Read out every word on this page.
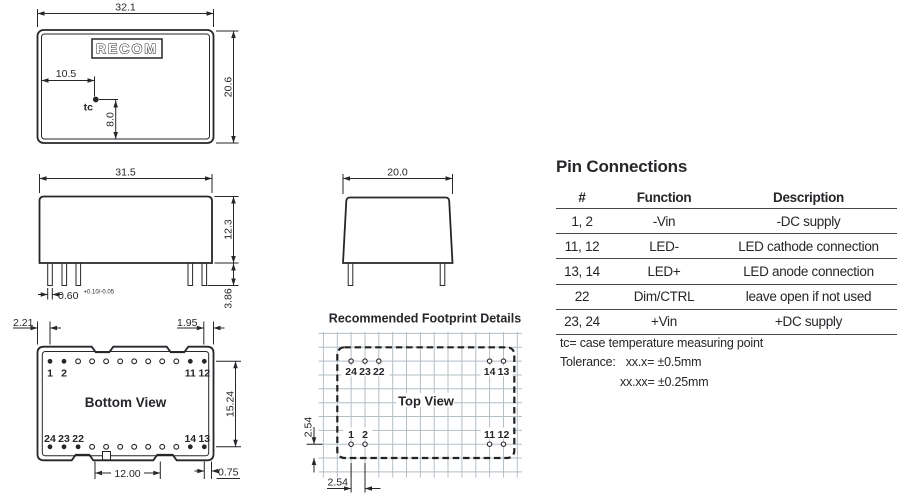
RECOM
32.1
20.6
10.5
tc
8.0
31.5
12.3
0.60 +0.10/-0.05	3.86
20.0
1 2	11 12
Bottom View
24 23 22	14 13
2.21	1.95
15.24
12.00	0.75
Recommended Footprint Details
24 23 22	14 13
Top View
1 2	11 12
2.54
2.54
Pin Connections
#	Function	Description
1, 2	-Vin	-DC supply
11, 12	LED-	LED cathode connection
13, 14	LED+	LED anode connection
22	Dim/CTRL	leave open if not used
23, 24	+Vin	+DC supply
tc= case temperature measuring point
Tolerance: xx.x= ±0.5mm
xx.xx= ±0.25mm
